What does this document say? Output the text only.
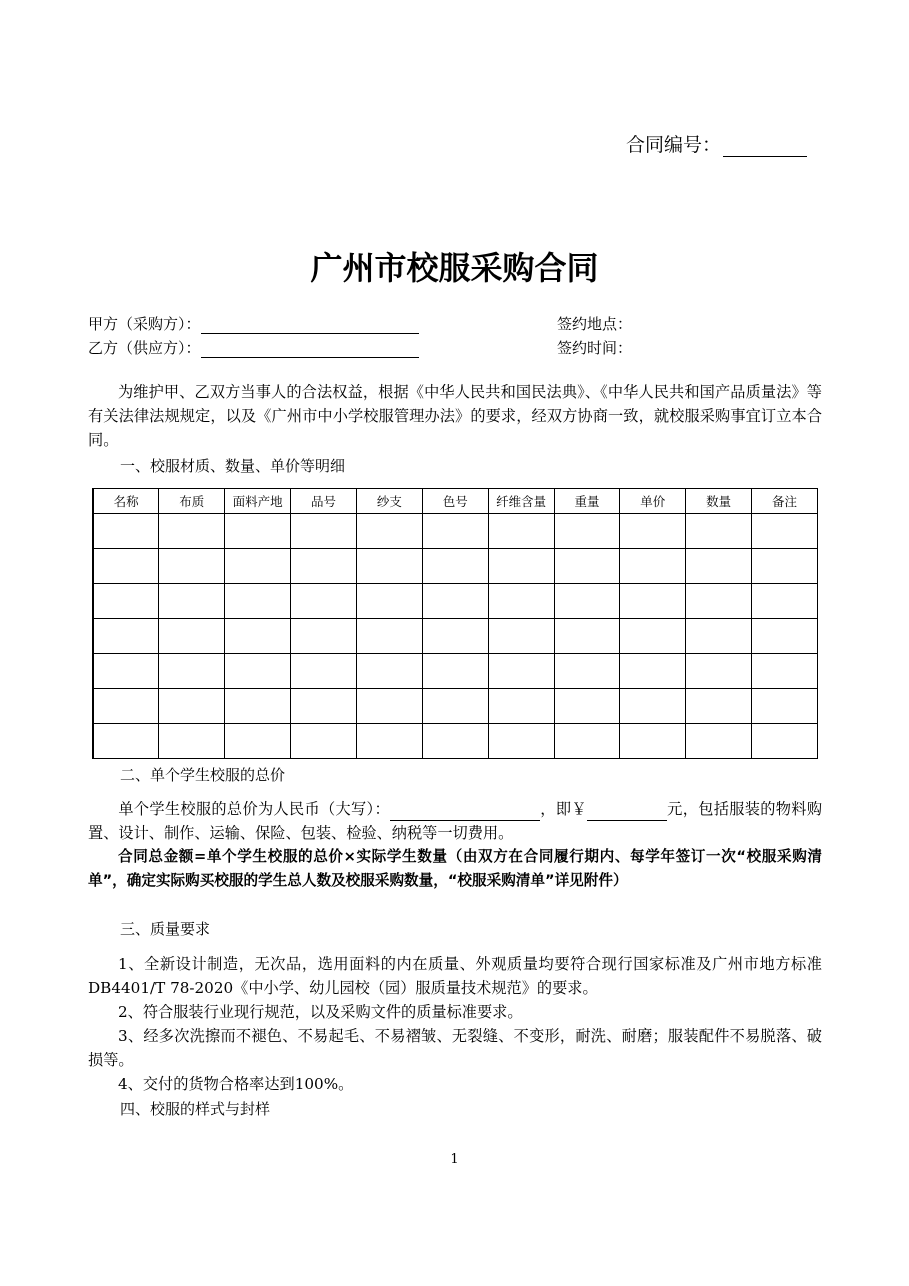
合同编号：
广州市校服采购合同
甲方（采购方）：	签约地点：
乙方（供应方）：	签约时间：
为维护甲、乙双方当事人的合法权益，根据《中华人民共和国民法典》、《中华人民共和国产品质量法》等有关法律法规规定，以及《广州市中小学校服管理办法》的要求，经双方协商一致，就校服采购事宜订立本合同。
一、校服材质、数量、单价等明细
名称	布质	面料产地	品号	纱支	色号	纤维含量	重量	单价	数量	备注

二、单个学生校服的总价
单个学生校服的总价为人民币（大写）：	，即￥	元，包括服装的物料购置、设计、制作、运输、保险、包装、检验、纳税等一切费用。
合同总金额=单个学生校服的总价×实际学生数量（由双方在合同履行期内、每学年签订一次“校服采购清单”，确定实际购买校服的学生总人数及校服采购数量，“校服采购清单”详见附件）
三、质量要求
1、全新设计制造，无次品，选用面料的内在质量、外观质量均要符合现行国家标准及广州市地方标准DB4401/T 78-2020《中小学、幼儿园校（园）服质量技术规范》的要求。
2、符合服装行业现行规范，以及采购文件的质量标准要求。
3、经多次洗擦而不褪色、不易起毛、不易褶皱、无裂缝、不变形，耐洗、耐磨；服装配件不易脱落、破损等。
4、交付的货物合格率达到100%。
四、校服的样式与封样
1
